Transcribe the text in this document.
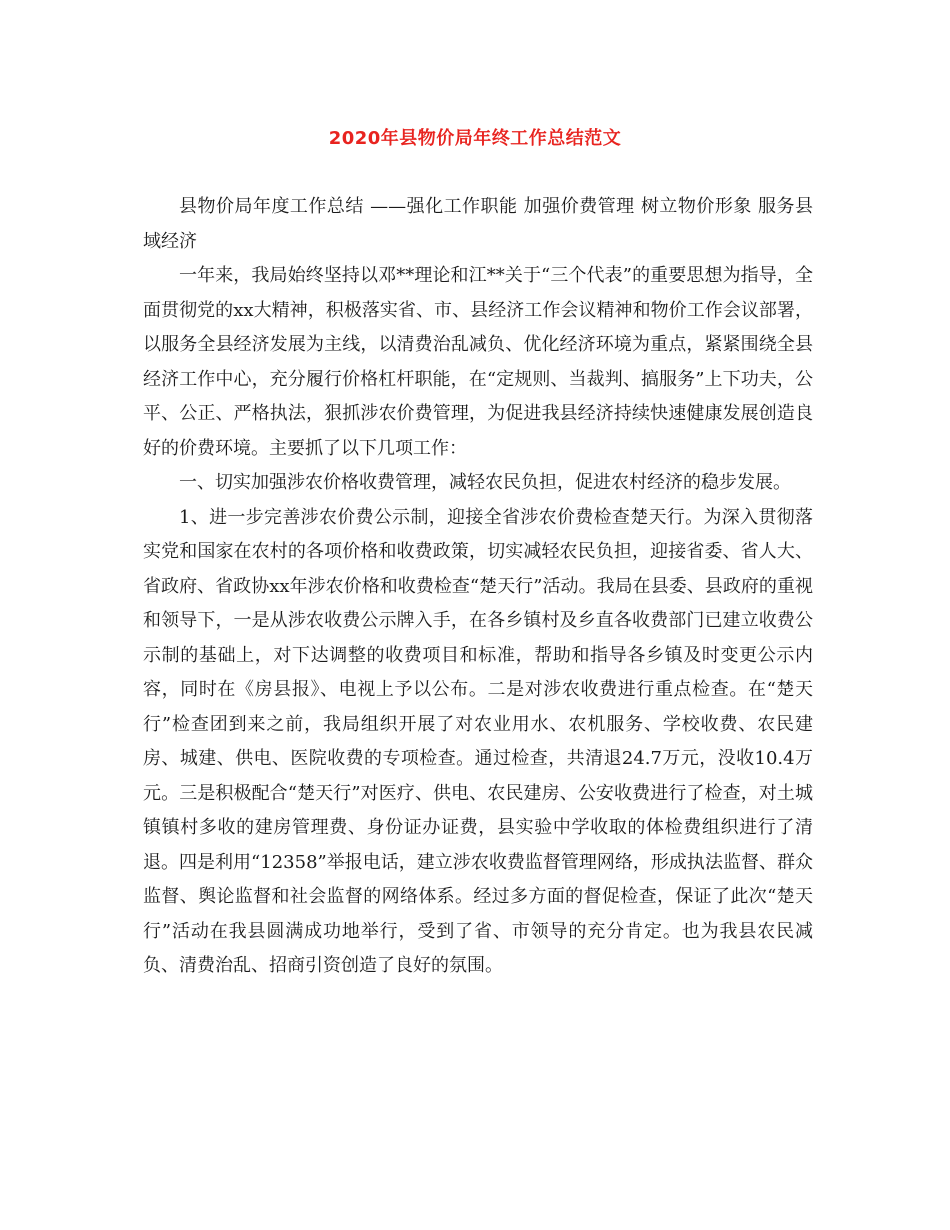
2020年县物价局年终工作总结范文

县物价局年度工作总结 ——强化工作职能 加强价费管理 树立物价形象 服务县域经济

一年来，我局始终坚持以邓**理论和江**关于“三个代表”的重要思想为指导，全面贯彻党的xx大精神，积极落实省、市、县经济工作会议精神和物价工作会议部署，以服务全县经济发展为主线，以清费治乱减负、优化经济环境为重点，紧紧围绕全县经济工作中心，充分履行价格杠杆职能，在“定规则、当裁判、搞服务”上下功夫，公平、公正、严格执法，狠抓涉农价费管理，为促进我县经济持续快速健康发展创造良好的价费环境。主要抓了以下几项工作：

一、切实加强涉农价格收费管理，减轻农民负担，促进农村经济的稳步发展。

1、进一步完善涉农价费公示制，迎接全省涉农价费检查楚天行。为深入贯彻落实党和国家在农村的各项价格和收费政策，切实减轻农民负担，迎接省委、省人大、省政府、省政协xx年涉农价格和收费检查“楚天行”活动。我局在县委、县政府的重视和领导下，一是从涉农收费公示牌入手，在各乡镇村及乡直各收费部门已建立收费公示制的基础上，对下达调整的收费项目和标准，帮助和指导各乡镇及时变更公示内容，同时在《房县报》、电视上予以公布。二是对涉农收费进行重点检查。在“楚天行”检查团到来之前，我局组织开展了对农业用水、农机服务、学校收费、农民建房、城建、供电、医院收费的专项检查。通过检查，共清退24.7万元，没收10.4万元。三是积极配合“楚天行”对医疗、供电、农民建房、公安收费进行了检查，对土城镇镇村多收的建房管理费、身份证办证费，县实验中学收取的体检费组织进行了清退。四是利用“12358”举报电话，建立涉农收费监督管理网络，形成执法监督、群众监督、舆论监督和社会监督的网络体系。经过多方面的督促检查，保证了此次“楚天行”活动在我县圆满成功地举行，受到了省、市领导的充分肯定。也为我县农民减负、清费治乱、招商引资创造了良好的氛围。
